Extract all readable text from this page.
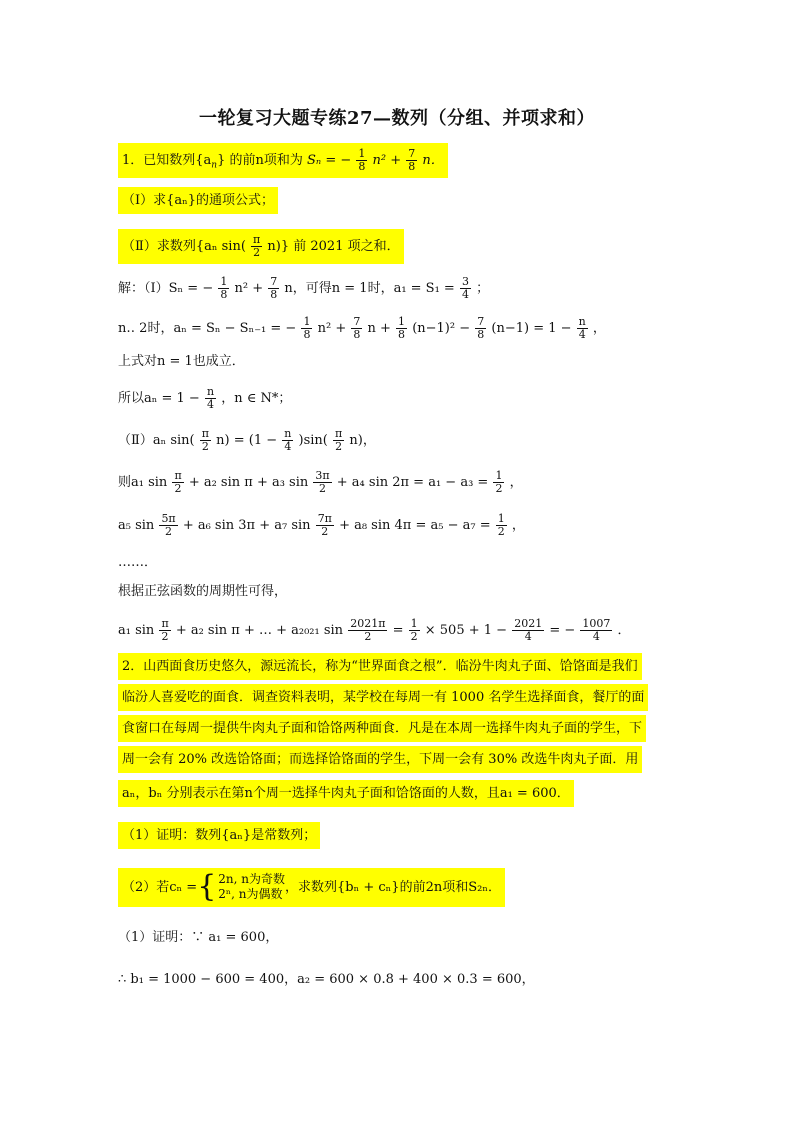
一轮复习大题专练27—数列（分组、并项求和）
1．已知数列$\{a_n\}$ 的前n项和为 Sₙ = − $\frac{1}{8} n^2 + \frac{7}{8}$ n．
（Ⅰ）求{aₙ}的通项公式；
（Ⅱ）求数列{aₙ $\sin( \frac{\pi}{2} n)$} 前 2021 项之和．
解：（Ⅰ）Sₙ = − $\frac{1}{8} n^2 + \frac{7}{8}$ n，可得n = 1时，$a_1 = S_1 = \frac{3}{4}$ ；
n‥ 2时，aₙ = Sₙ − Sₙ₋₁ = − $\frac{1}{8} n^2 + \frac{7}{8}$ $n + \frac{1}{8} (n-1)^2 - \frac{7}{8} (n-1) = 1 - \frac{n}{4}$ ，
上式对n = 1也成立．
所以$a_n = 1 - \frac{n}{4}$ ，n ∈ N*；
（Ⅱ）aₙ $\sin( \frac{\pi}{2} n) = (1 - \frac{n}{4} )\sin( \frac{\pi}{2} n)$，
则a₁ $\sin \frac{\pi}{2} + a_2$ sin π + a₃ $\sin \frac{3\pi}{2} + a_4$ $\sin 2\pi = a_1 - a_3 = \frac{1}{2}$ ，
a₅ $\sin \frac{5\pi}{2} + a_6$ sin 3π + a₇ $\sin \frac{7\pi}{2} + a_8$ $\sin 4\pi = a_5 - a_7 = \frac{1}{2}$ ，
……．
根据正弦函数的周期性可得，
a₁ $\sin \frac{\pi}{2} + a_2$ sin π + … + a₂₀₂₁ $\sin \frac{2021\pi}{2} = \frac{1}{2} \times 505 + 1 - \frac{2021}{4}$ = − $\frac{1007}{4}$ ．
2．山西面食历史悠久，源远流长，称为“世界面食之根”．临汾牛肉丸子面、饸饹面是我们
临汾人喜爱吃的面食．调查资料表明，某学校在每周一有 1000 名学生选择面食，餐厅的面
食窗口在每周一提供牛肉丸子面和饸饹两种面食．凡是在本周一选择牛肉丸子面的学生，下
周一会有 20% 改选饸饹面；而选择饸饹面的学生，下周一会有 30% 改选牛肉丸子面．用
aₙ，bₙ 分别表示在第n个周一选择牛肉丸子面和饸饹面的人数，且a₁ = 600．
（1）证明：数列{aₙ}是常数列；
（2）若cₙ ={ 2n, n为奇数
2ⁿ, n为偶数 ，求数列{bₙ + cₙ}的前2n项和S₂ₙ．
（1）证明：∵ a₁ = 600，
∴ b₁ = 1000 − 600 = 400，a₂ = 600 × 0.8 + 400 × 0.3 = 600，
